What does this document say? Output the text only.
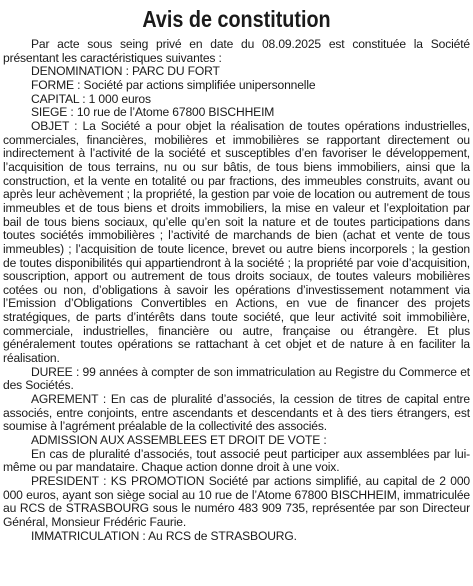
Avis de constitution

Par acte sous seing privé en date du 08.09.2025 est constituée la Société présentant les caractéristiques suivantes :

DENOMINATION : PARC DU FORT

FORME : Société par actions simplifiée unipersonnelle

CAPITAL : 1 000 euros

SIEGE : 10 rue de l’Atome 67800 BISCHHEIM

OBJET : La Société a pour objet la réalisation de toutes opérations industrielles, commerciales, financières, mobilières et immobilières se rapportant directement ou indirectement à l’activité de la société et susceptibles d’en favoriser le développement, l’acquisition de tous terrains, nu ou sur bâtis, de tous biens immobiliers, ainsi que la construction, et la vente en totalité ou par fractions, des immeubles construits, avant ou après leur achèvement ; la propriété, la gestion par voie de location ou autrement de tous immeubles et de tous biens et droits immobiliers, la mise en valeur et l’exploitation par bail de tous biens sociaux, qu’elle qu’en soit la nature et de toutes participations dans toutes sociétés immobilières ; l’activité de marchands de bien (achat et vente de tous immeubles) ; l’acquisition de toute licence, brevet ou autre biens incorporels ; la gestion de toutes disponibilités qui appartiendront à la société ; la propriété par voie d’acquisition, souscription, apport ou autrement de tous droits sociaux, de toutes valeurs mobilières cotées ou non, d’obligations à savoir les opérations d’investissement notamment via l’Emission d’Obligations Convertibles en Actions, en vue de financer des projets stratégiques, de parts d’intérêts dans toute société, que leur activité soit immobilière, commerciale, industrielles, financière ou autre, française ou étrangère. Et plus généralement toutes opérations se rattachant à cet objet et de nature à en faciliter la réalisation.

DUREE : 99 années à compter de son immatriculation au Registre du Commerce et des Sociétés.

AGREMENT : En cas de pluralité d’associés, la cession de titres de capital entre associés, entre conjoints, entre ascendants et descendants et à des tiers étrangers, est soumise à l’agrément préalable de la collectivité des associés.

ADMISSION AUX ASSEMBLEES ET DROIT DE VOTE :

En cas de pluralité d’associés, tout associé peut participer aux assemblées par lui-même ou par mandataire. Chaque action donne droit à une voix.

PRESIDENT : KS PROMOTION Société par actions simplifié, au capital de 2 000 000 euros, ayant son siège social au 10 rue de l’Atome 67800 BISCHHEIM, immatriculée au RCS de STRASBOURG sous le numéro 483 909 735, représentée par son Directeur Général, Monsieur Frédéric Faurie.

IMMATRICULATION : Au RCS de STRASBOURG.
